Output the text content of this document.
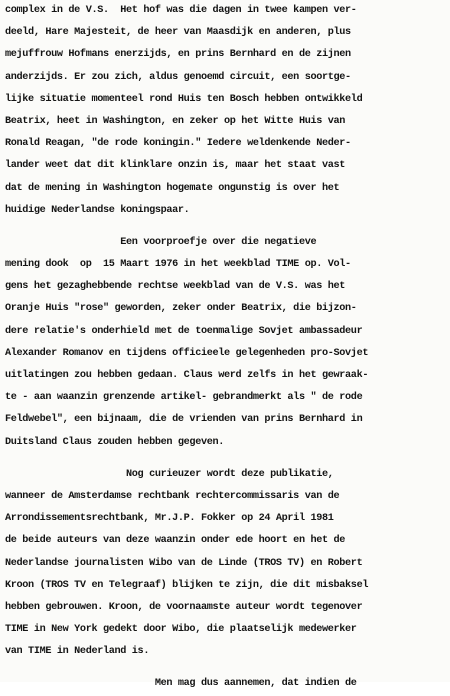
complex in de V.S.  Het hof was die dagen in twee kampen ver-
deeld, Hare Majesteit, de heer van Maasdijk en anderen, plus
mejuffrouw Hofmans enerzijds, en prins Bernhard en de zijnen
anderzijds. Er zou zich, aldus genoemd circuit, een soortge-
lijke situatie momenteel rond Huis ten Bosch hebben ontwikkeld
Beatrix, heet in Washington, en zeker op het Witte Huis van
Ronald Reagan, "de rode koningin." Iedere weldenkende Neder-
lander weet dat dit klinklare onzin is, maar het staat vast
dat de mening in Washington hogemate ongunstig is over het
huidige Nederlandse koningspaar.
Een voorproefje over die negatieve
mening dook  op  15 Maart 1976 in het weekblad TIME op. Vol-
gens het gezaghebbende rechtse weekblad van de V.S. was het
Oranje Huis "rose" geworden, zeker onder Beatrix, die bijzon-
dere relatie's onderhield met de toenmalige Sovjet ambassadeur
Alexander Romanov en tijdens officieele gelegenheden pro-Sovjet
uitlatingen zou hebben gedaan. Claus werd zelfs in het gewraak-
te - aan waanzin grenzende artikel- gebrandmerkt als " de rode
Feldwebel", een bijnaam, die de vrienden van prins Bernhard in
Duitsland Claus zouden hebben gegeven.
Nog curieuzer wordt deze publikatie,
wanneer de Amsterdamse rechtbank rechtercommissaris van de
Arrondissementsrechtbank, Mr.J.P. Fokker op 24 April 1981
de beide auteurs van deze waanzin onder ede hoort en het de
Nederlandse journalisten Wibo van de Linde (TROS TV) en Robert
Kroon (TROS TV en Telegraaf) blijken te zijn, die dit misbaksel
hebben gebrouwen. Kroon, de voornaamste auteur wordt tegenover
TIME in New York gedekt door Wibo, die plaatselijk medewerker
van TIME in Nederland is.
Men mag dus aannemen, dat indien de
